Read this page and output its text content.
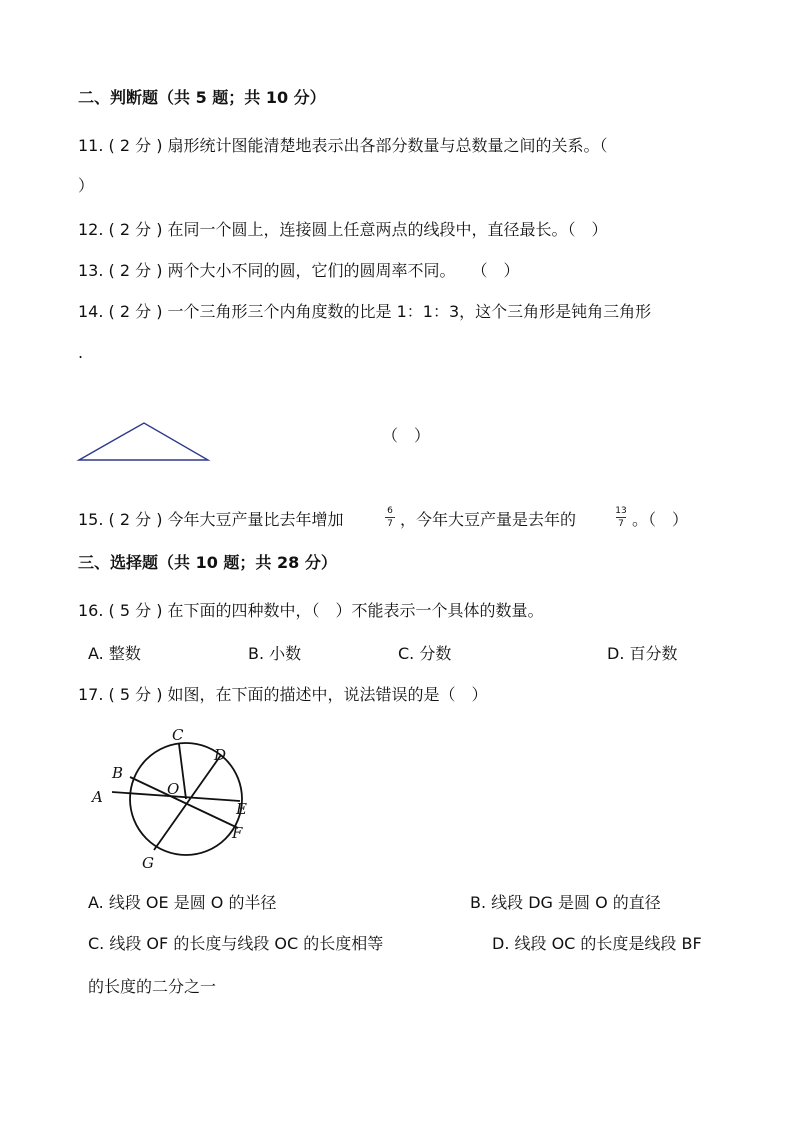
二、判断题（共 5 题；共 10 分）
11. ( 2 分 ) 扇形统计图能清楚地表示出各部分数量与总数量之间的关系。（
）
12. ( 2 分 ) 在同一个圆上，连接圆上任意两点的线段中，直径最长。（　）
13. ( 2 分 ) 两个大小不同的圆，它们的圆周率不同。　　（　）
14. ( 2 分 ) 一个三角形三个内角度数的比是 1：1：3，这个三角形是钝角三角形
.
（　）
15. ( 2 分 ) 今年大豆产量比去年增加	6
7 ，今年大豆产量是去年的	13
7 。（　）
三、选择题（共 10 题；共 28 分）
16. ( 5 分 ) 在下面的四种数中，（　）不能表示一个具体的数量。
A. 整数	B. 小数	C. 分数	D. 百分数
17. ( 5 分 ) 如图，在下面的描述中，说法错误的是（　）
A
B
C
D
O
E
F
G
A. 线段 OE 是圆 O 的半径	B. 线段 DG 是圆 O 的直径
C. 线段 OF 的长度与线段 OC 的长度相等	D. 线段 OC 的长度是线段 BF
的长度的二分之一
